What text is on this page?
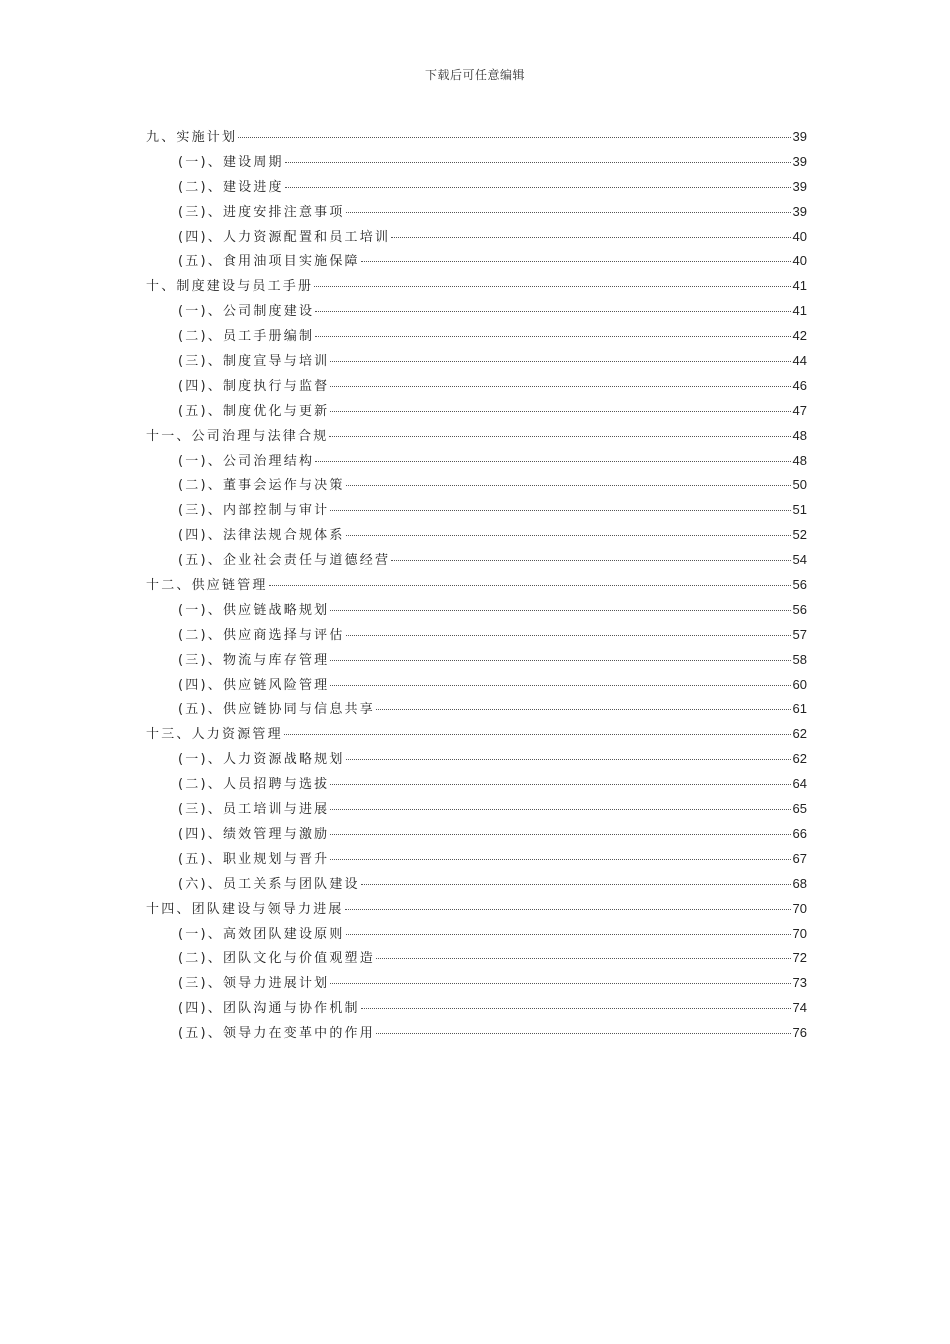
下载后可任意编辑
九、实施计划	39
(一)、建设周期	39
(二)、建设进度	39
(三)、进度安排注意事项	39
(四)、人力资源配置和员工培训	40
(五)、食用油项目实施保障	40
十、制度建设与员工手册	41
(一)、公司制度建设	41
(二)、员工手册编制	42
(三)、制度宣导与培训	44
(四)、制度执行与监督	46
(五)、制度优化与更新	47
十一、公司治理与法律合规	48
(一)、公司治理结构	48
(二)、董事会运作与决策	50
(三)、内部控制与审计	51
(四)、法律法规合规体系	52
(五)、企业社会责任与道德经营	54
十二、供应链管理	56
(一)、供应链战略规划	56
(二)、供应商选择与评估	57
(三)、物流与库存管理	58
(四)、供应链风险管理	60
(五)、供应链协同与信息共享	61
十三、人力资源管理	62
(一)、人力资源战略规划	62
(二)、人员招聘与选拔	64
(三)、员工培训与进展	65
(四)、绩效管理与激励	66
(五)、职业规划与晋升	67
(六)、员工关系与团队建设	68
十四、团队建设与领导力进展	70
(一)、高效团队建设原则	70
(二)、团队文化与价值观塑造	72
(三)、领导力进展计划	73
(四)、团队沟通与协作机制	74
(五)、领导力在变革中的作用	76
